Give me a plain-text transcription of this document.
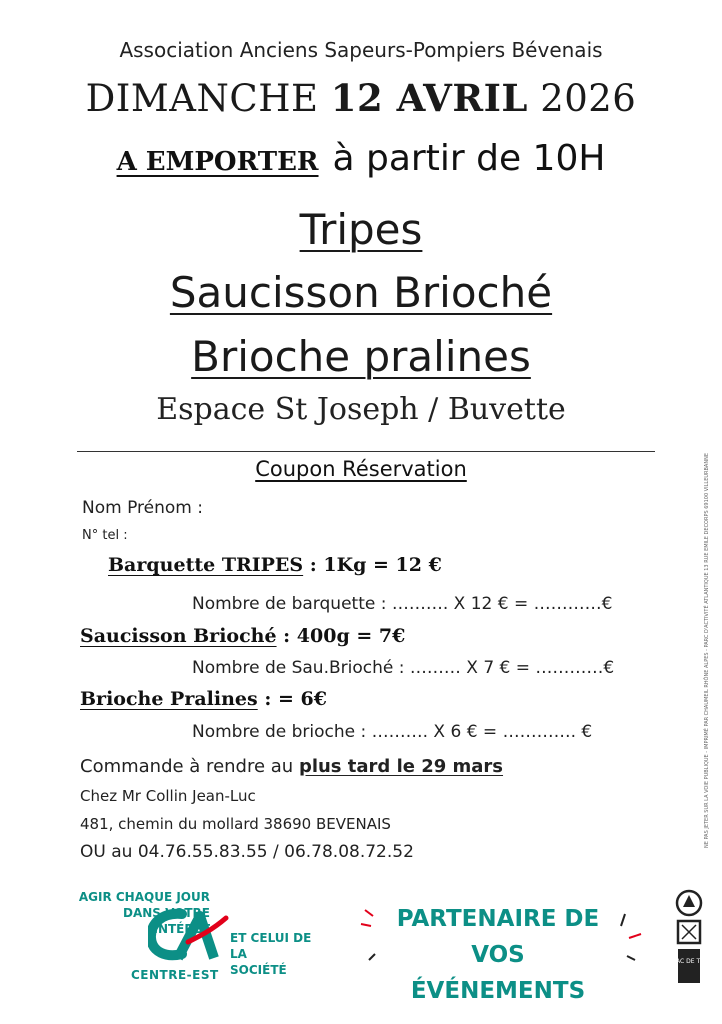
Association Anciens Sapeurs-Pompiers Bévenais
DIMANCHE 12 AVRIL 2026
A EMPORTER à partir de 10H
Tripes
Saucisson Brioché
Brioche pralines
Espace St Joseph / Buvette
Coupon Réservation
Nom Prénom :
N° tel :
Barquette TRIPES : 1Kg = 12 €
Nombre de barquette : ………. X 12 € = …………€
Saucisson Brioché : 400g = 7€
Nombre de Sau.Brioché : ……… X 7 € = …………€
Brioche Pralines : = 6€
Nombre de brioche : ………. X 6 € = …………. €
Commande à rendre au plus tard le 29 mars
Chez Mr Collin Jean-Luc
481, chemin du mollard 38690 BEVENAIS
OU au 04.76.55.83.55 / 06.78.08.72.52
NE PAS JETER SUR LA VOIE PUBLIQUE - IMPRIMÉ PAR CHAUMEIL RHÔNE ALPES - PARC D'ACTIVITÉ ATLANTIQUE 13 RUE EMILE DECORPS 69100 VILLEURBANNE
AGIR CHAQUE JOUR
DANS VOTRE
INTÉRÊT
ET CELUI DE LA
SOCIÉTÉ
CENTRE-EST
PARTENAIRE DE
VOS ÉVÉNEMENTS
BAC DE TRI
